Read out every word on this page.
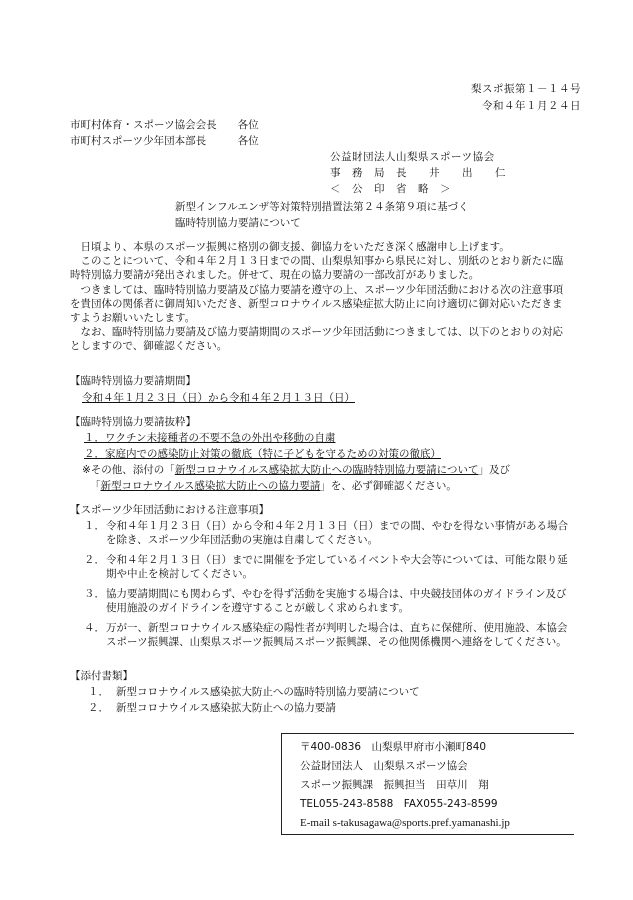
梨スポ振第１－１４号
令和４年１月２４日
市町村体育・スポーツ協会会長　　 各位
市町村スポーツ少年団本部長　　　	各位
公益財団法人山梨県スポーツ協会
事　務　局　長　　 井　　出　　仁
＜　公　印　省　略　＞
新型インフルエンザ等対策特別措置法第２４条第９項に基づく
臨時特別協力要請について

日頃より、本県のスポーツ振興に格別の御支援、御協力をいただき深く感謝申し上げます。

このことについて、令和４年２月１３日までの間、山梨県知事から県民に対し、別紙のとおり新たに臨時特別協力要請が発出されました。併せて、現在の協力要請の一部改訂がありました。

つきましては、臨時特別協力要請及び協力要請を遵守の上、スポーツ少年団活動における次の注意事項を貴団体の関係者に御周知いただき、新型コロナウイルス感染症拡大防止に向け適切に御対応いただきますようお願いいたします。

なお、臨時特別協力要請及び協力要請期間のスポーツ少年団活動につきましては、以下のとおりの対応としますので、御確認ください。

【臨時特別協力要請期間】
令和４年１月２３日（日）から令和４年２月１３日（日）
【臨時特別協力要請抜粋】
１．ワクチン未接種者の不要不急の外出や移動の自粛
２．家庭内での感染防止対策の徹底（特に子どもを守るための対策の徹底）
※その他、添付の「新型コロナウイルス感染拡大防止への臨時特別協力要請について」及び
「新型コロナウイルス感染拡大防止への協力要請」を、必ず御確認ください。
【スポーツ少年団活動における注意事項】
１． 令和４年１月２３日（日）から令和４年２月１３日（日）までの間、やむを得ない事情がある場合を除き、スポーツ少年団活動の実施は自粛してください。
２． 令和４年２月１３日（日）までに開催を予定しているイベントや大会等については、可能な限り延期や中止を検討してください。
３． 協力要請期間にも関わらず、やむを得ず活動を実施する場合は、中央競技団体のガイドライン及び使用施設のガイドラインを遵守することが厳しく求められます。
４． 万が一、新型コロナウイルス感染症の陽性者が判明した場合は、直ちに保健所、使用施設、本協会スポーツ振興課、山梨県スポーツ振興局スポーツ振興課、その他関係機関へ連絡をしてください。
【添付書類】
１． 新型コロナウイルス感染拡大防止への臨時特別協力要請について
２． 新型コロナウイルス感染拡大防止への協力要請
〒400-0836　山梨県甲府市小瀬町840
公益財団法人　山梨県スポーツ協会
スポーツ振興課　振興担当　田草川　翔
TEL055-243-8588　FAX055-243-8599
E-mail s-takusagawa@sports.pref.yamanashi.jp
